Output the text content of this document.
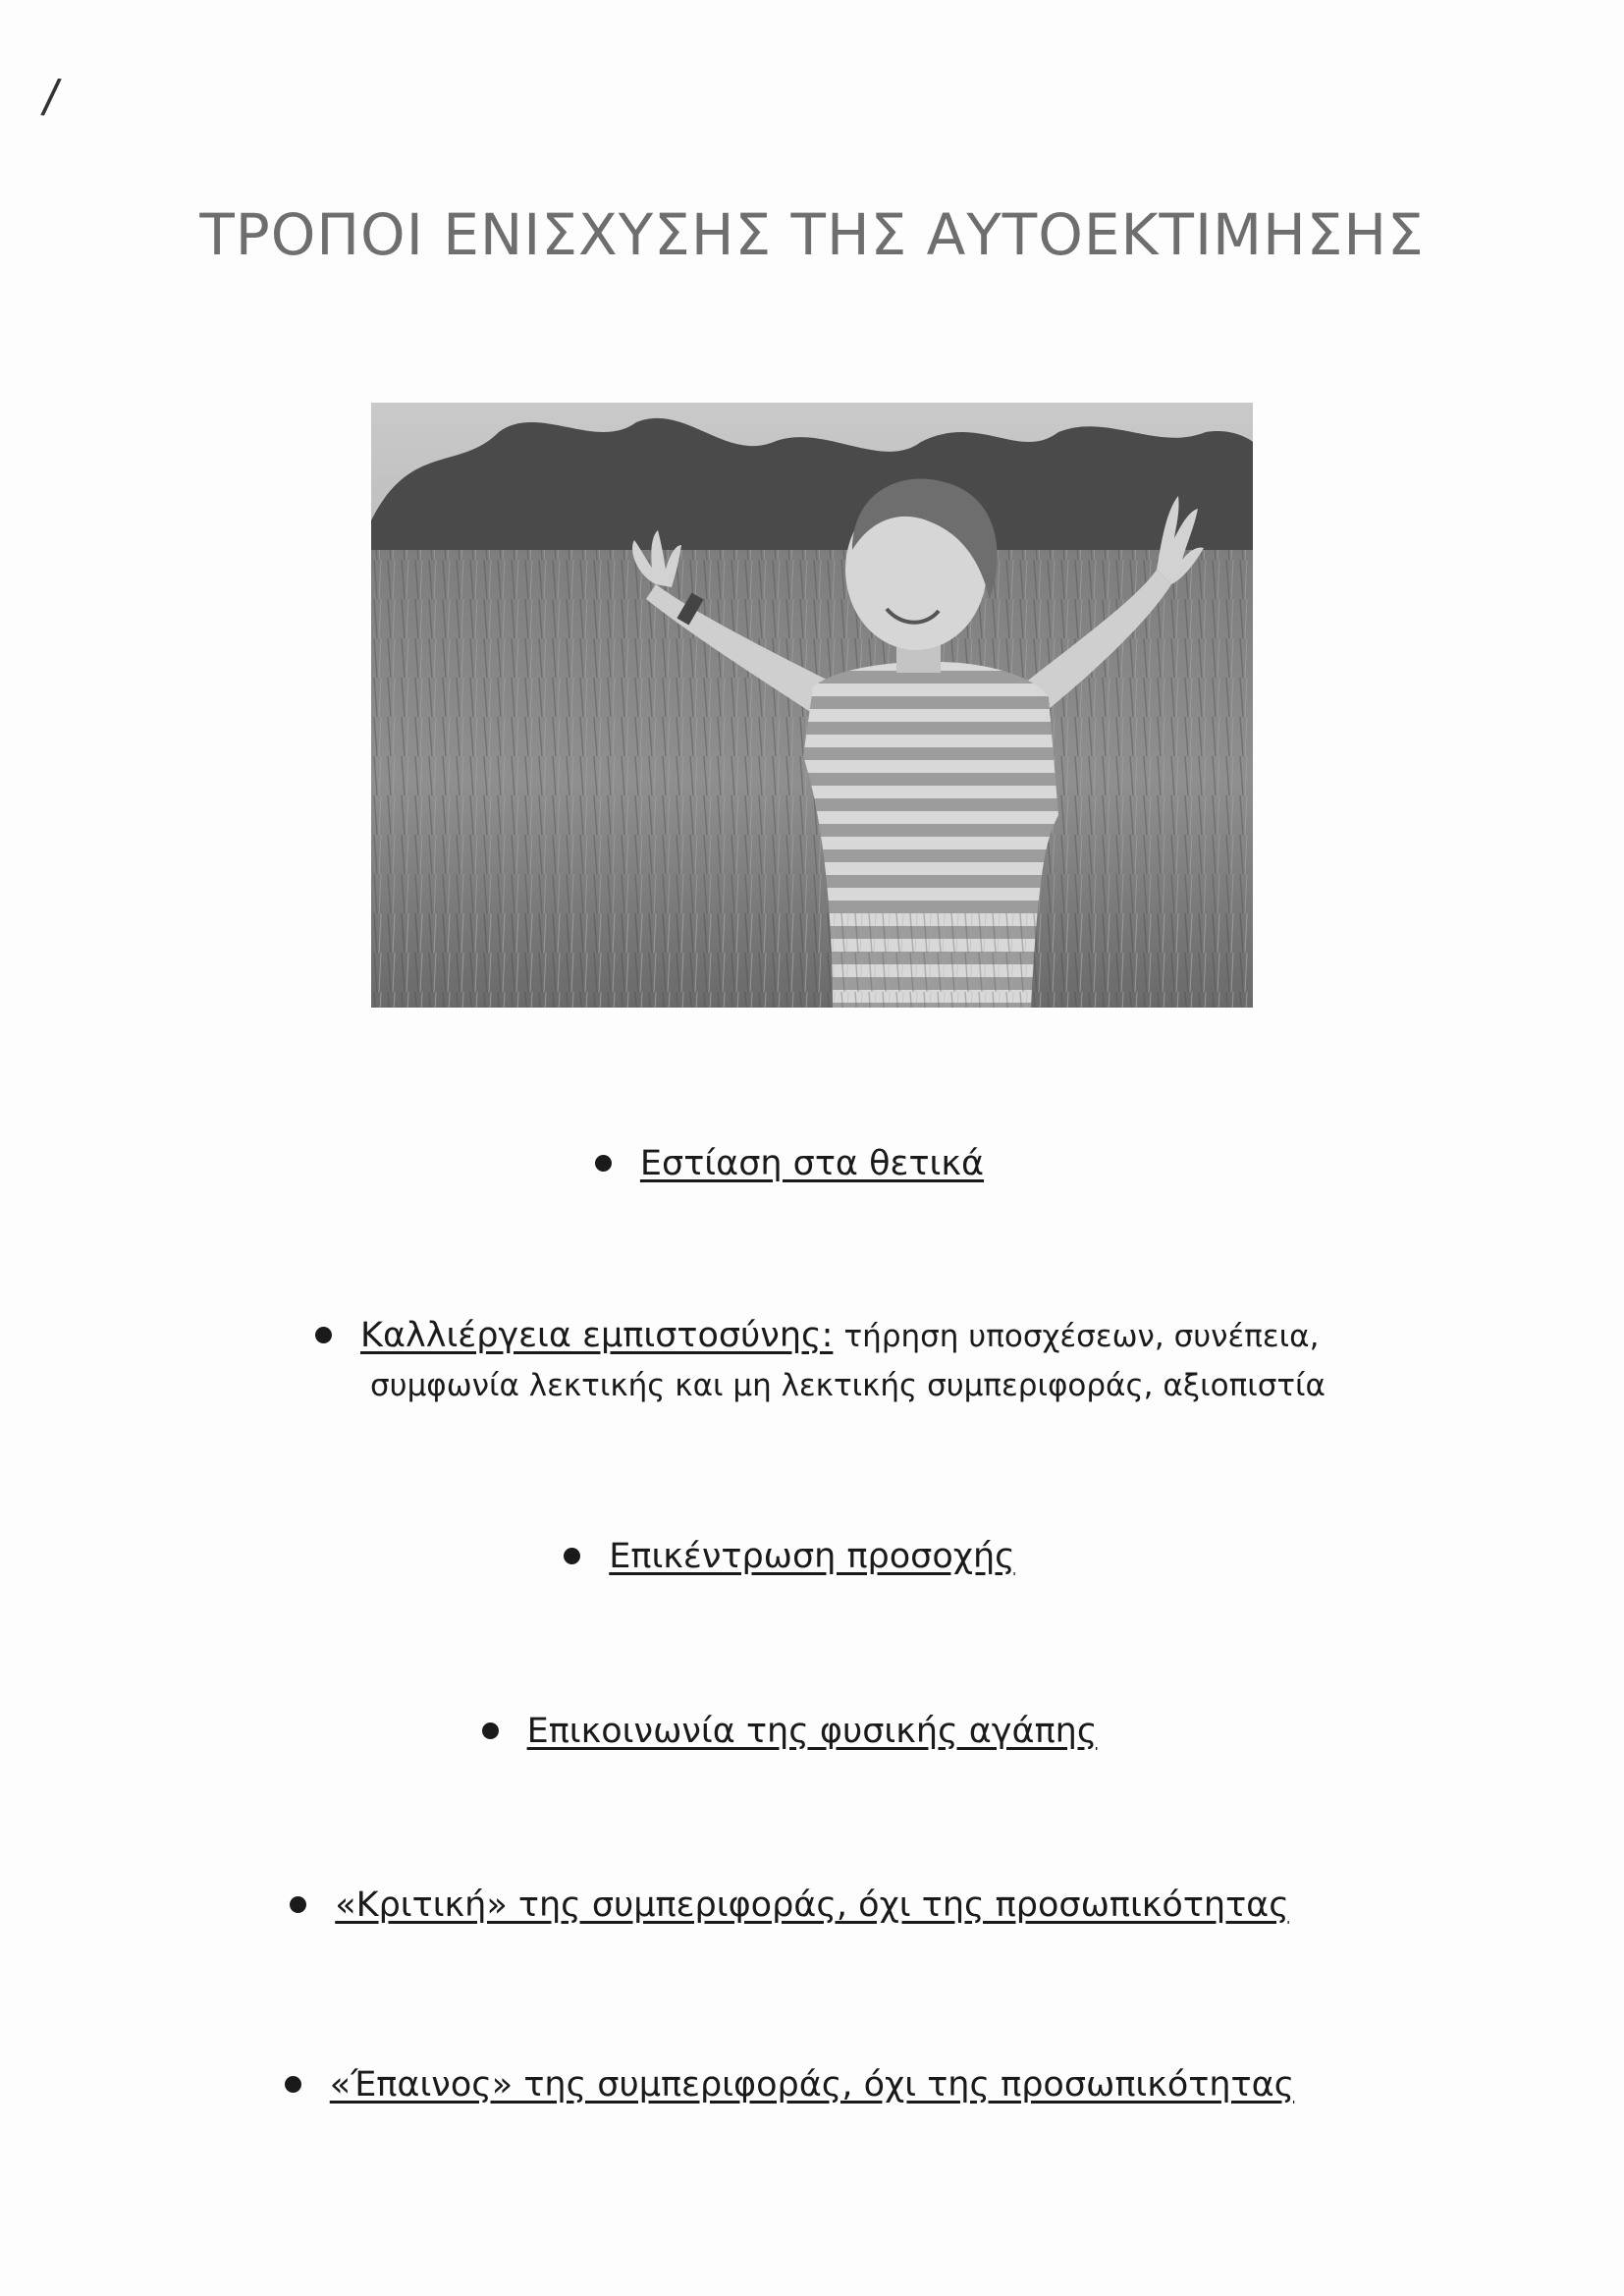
/
ΤΡΟΠΟΙ ΕΝΙΣΧΥΣΗΣ ΤΗΣ ΑΥΤΟΕΚΤΙΜΗΣΗΣ
Εστίαση στα θετικά
Καλλιέργεια εμπιστοσύνης: τήρηση υποσχέσεων, συνέπεια,
συμφωνία λεκτικής και μη λεκτικής συμπεριφοράς, αξιοπιστία
Επικέντρωση προσοχής
Επικοινωνία της φυσικής αγάπης
«Κριτική» της συμπεριφοράς, όχι της προσωπικότητας
«Έπαινος» της συμπεριφοράς, όχι της προσωπικότητας
